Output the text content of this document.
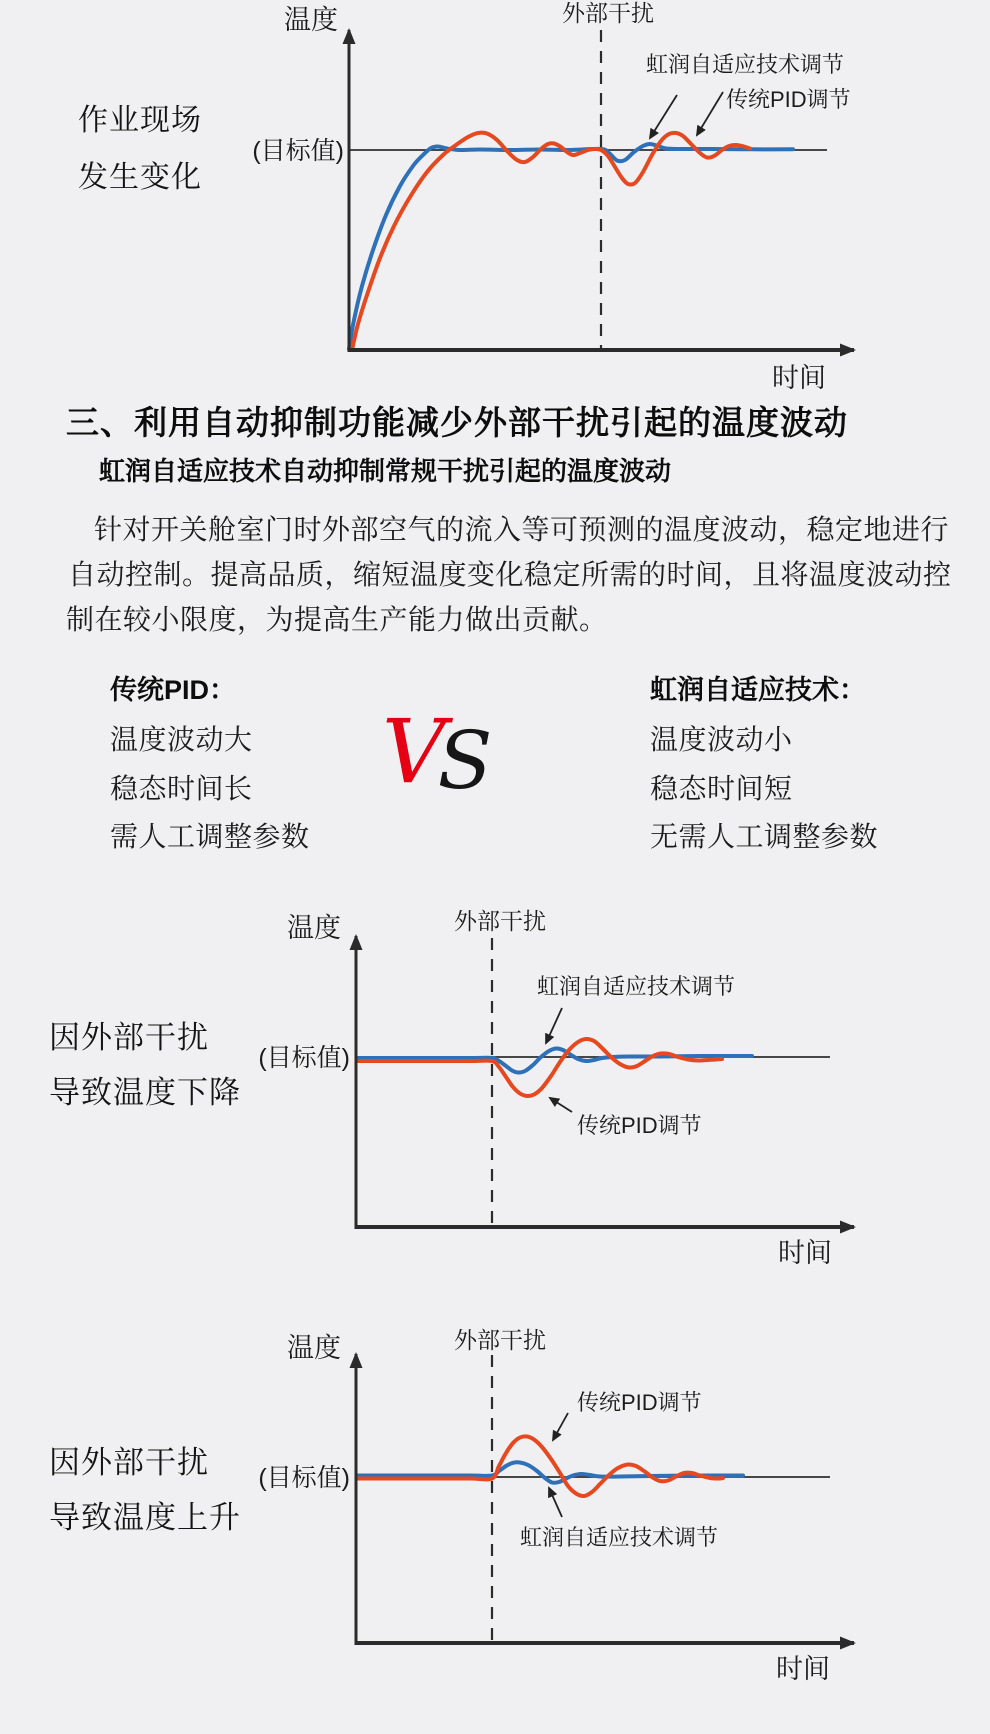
作业现场
发生变化
温度	外部干扰
(目标值)
虹润自适应技术调节
传统PID调节
时间
三、利用自动抑制功能减少外部干扰引起的温度波动
虹润自适应技术自动抑制常规干扰引起的温度波动
针对开关舱室门时外部空气的流入等可预测的温度波动，稳定地进行
自动控制。提高品质，缩短温度变化稳定所需的时间，且将温度波动控
制在较小限度，为提高生产能力做出贡献。
传统PID：
温度波动大
稳态时间长
需人工调整参数
VS
虹润自适应技术：
温度波动小
稳态时间短
无需人工调整参数
因外部干扰
导致温度下降
温度	外部干扰
(目标值)
虹润自适应技术调节
传统PID调节
时间
因外部干扰
导致温度上升
温度	外部干扰
(目标值)
传统PID调节
虹润自适应技术调节
时间
